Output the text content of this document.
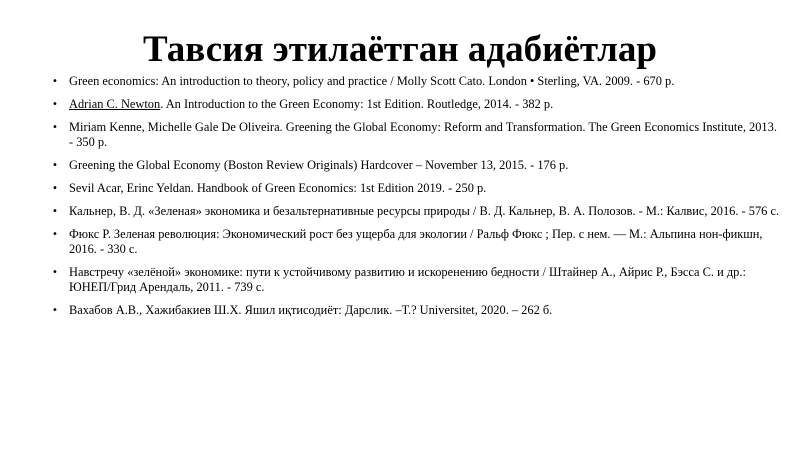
Тавсия этилаётган адабиётлар
• Green economics: An introduction to theory, policy and practice / Molly Scott Cato. London • Sterling, VA. 2009. - 670 p.
• Adrian C. Newton. An Introduction to the Green Economy: 1st Edition. Routledge, 2014. - 382 p.
• Miriam Kenne, Michelle Gale De Oliveira. Greening the Global Economy: Reform and Transformation. The Green Economics Institute, 2013. - 350 p.
• Greening the Global Economy (Boston Review Originals) Hardcover – November 13, 2015. - 176 p.
• Sevil Acar, Erinc Yeldan. Handbook of Green Economics: 1st Edition 2019. - 250 p.
• Кальнер, В. Д. «Зеленая» экономика и безальтернативные ресурсы природы / В. Д. Кальнер, В. А. Полозов. - М.: Калвис, 2016. - 576 с.
• Фюкс Р. Зеленая революция: Экономический рост без ущерба для экологии / Ральф Фюкс ; Пер. с нем. — М.: Альпина нон-фикшн, 2016. - 330 с.
• Навстречу «зелёной» экономике: пути к устойчивому развитию и искоренению бедности / Штайнер А., Айрис Р., Бэсса С. и др.: ЮНЕП/Грид Арендаль, 2011. - 739 с.
• Вахабов А.В., Хажибакиев Ш.Х. Яшил иқтисодиёт: Дарслик. –Т.? Universitet, 2020. – 262 б.
